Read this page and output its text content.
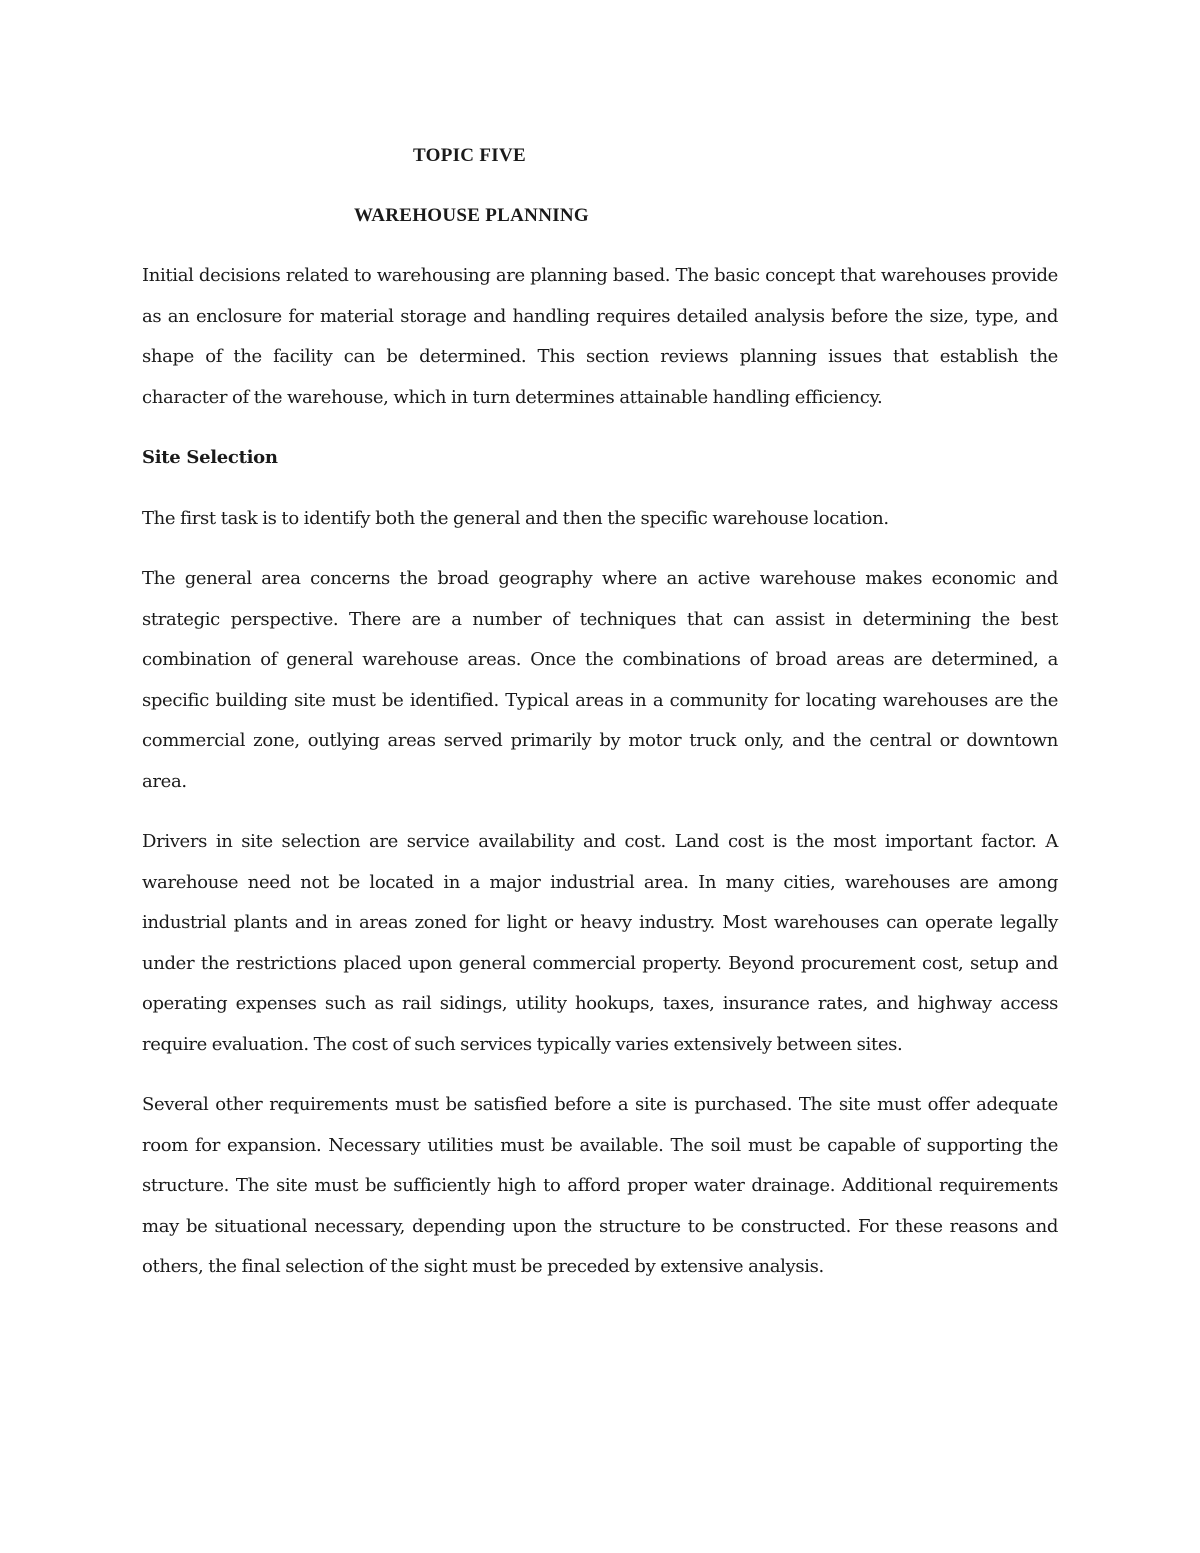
TOPIC FIVE
WAREHOUSE PLANNING

Initial decisions related to warehousing are planning based. The basic concept that warehouses provide as an enclosure for material storage and handling requires detailed analysis before the size, type, and shape of the facility can be determined. This section reviews planning issues that establish the character of the warehouse, which in turn determines attainable handling efficiency.

Site Selection

The first task is to identify both the general and then the specific warehouse location.

The general area concerns the broad geography where an active warehouse makes economic and strategic perspective. There are a number of techniques that can assist in determining the best combination of general warehouse areas. Once the combinations of broad areas are determined, a specific building site must be identified. Typical areas in a community for locating warehouses are the commercial zone, outlying areas served primarily by motor truck only, and the central or downtown area.

Drivers in site selection are service availability and cost. Land cost is the most important factor. A warehouse need not be located in a major industrial area. In many cities, warehouses are among industrial plants and in areas zoned for light or heavy industry. Most warehouses can operate legally under the restrictions placed upon general commercial property. Beyond procurement cost, setup and operating expenses such as rail sidings, utility hookups, taxes, insurance rates, and highway access require evaluation. The cost of such services typically varies extensively between sites.

Several other requirements must be satisfied before a site is purchased. The site must offer adequate room for expansion. Necessary utilities must be available. The soil must be capable of supporting the structure. The site must be sufficiently high to afford proper water drainage. Additional requirements may be situational necessary, depending upon the structure to be constructed. For these reasons and others, the final selection of the sight must be preceded by extensive analysis.
